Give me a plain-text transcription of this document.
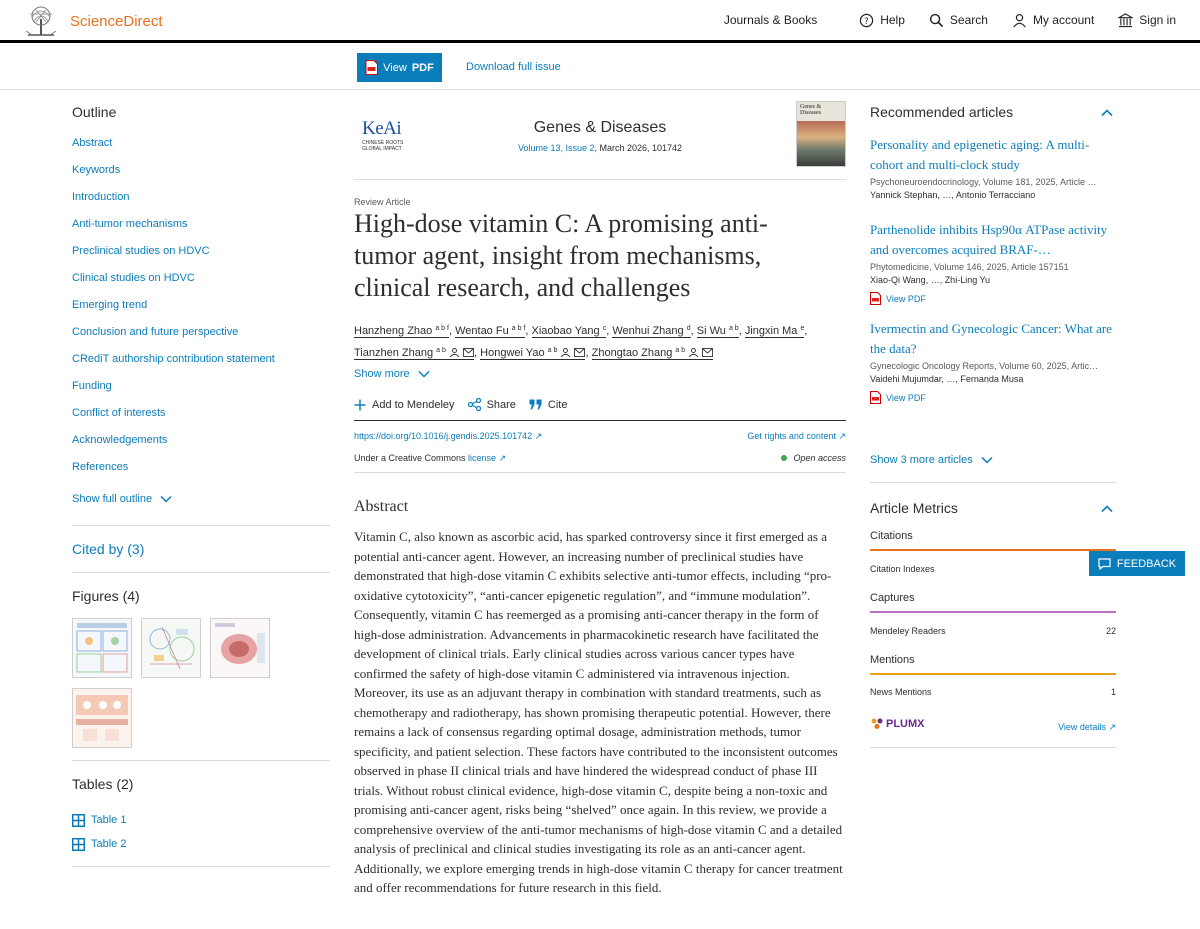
ScienceDirect	Journals & Books	? Help	Search	My account	Sign in
View PDF	Download full issue
Outline
Abstract
Keywords
Introduction
Anti-tumor mechanisms
Preclinical studies on HDVC
Clinical studies on HDVC
Emerging trend
Conclusion and future perspective
CRediT authorship contribution statement
Funding
Conflict of interests
Acknowledgements
References
Show full outline
Cited by (3)
Figures (4)
Tables (2)
Table 1
Table 2
KeAi
CHINESE ROOTS
GLOBAL IMPACT
Genes & Diseases
Volume 13, Issue 2, March 2026, 101742
Genes & Diseases
Review Article
High-dose vitamin C: A promising anti-tumor agent, insight from mechanisms, clinical research, and challenges
Hanzheng Zhao $^{a b f}$, Wentao Fu $^{a b f}$, Xiaobao Yang $^c$, Wenhui Zhang $^d$, Si Wu $^{a b}$, Jingxin Ma $^e$,
Tianzhen Zhang $^{a b}$	, Hongwei Yao $^{a b}$	, Zhongtao Zhang $^{a b}$
Show more
Add to Mendeley	Share	Cite
https://doi.org/10.1016/j.gendis.2025.101742 ↗	Get rights and content ↗
Under a Creative Commons license ↗	Open access
Abstract

Vitamin C, also known as ascorbic acid, has sparked controversy since it first emerged as a potential anti-cancer agent. However, an increasing number of preclinical studies have demonstrated that high-dose vitamin C exhibits selective anti-tumor effects, including “pro-oxidative cytotoxicity”, “anti-cancer epigenetic regulation”, and “immune modulation”. Consequently, vitamin C has reemerged as a promising anti-cancer therapy in the form of high-dose administration. Advancements in pharmacokinetic research have facilitated the development of clinical trials. Early clinical studies across various cancer types have confirmed the safety of high-dose vitamin C administered via intravenous injection. Moreover, its use as an adjuvant therapy in combination with standard treatments, such as chemotherapy and radiotherapy, has shown promising therapeutic potential. However, there remains a lack of consensus regarding optimal dosage, administration methods, tumor specificity, and patient selection. These factors have contributed to the inconsistent outcomes observed in phase II clinical trials and have hindered the widespread conduct of phase III trials. Without robust clinical evidence, high-dose vitamin C, despite being a non-toxic and promising anti-cancer agent, risks being “shelved” once again. In this review, we provide a comprehensive overview of the anti-tumor mechanisms of high-dose vitamin C and a detailed analysis of preclinical and clinical studies investigating its role as an anti-cancer agent. Additionally, we explore emerging trends in high-dose vitamin C therapy for cancer treatment and offer recommendations for future research in this field.

Recommended articles
Personality and epigenetic aging: A multi-cohort and multi-clock study
Psychoneuroendocrinology, Volume 181, 2025, Article …
Yannick Stephan, …, Antonio Terracciano
Parthenolide inhibits Hsp90α ATPase activity and overcomes acquired BRAF-…
Phytomedicine, Volume 146, 2025, Article 157151
Xiao-Qi Wang, …, Zhi-Ling Yu
View PDF
Ivermectin and Gynecologic Cancer: What are the data?
Gynecologic Oncology Reports, Volume 60, 2025, Artic…
Vaidehi Mujumdar, …, Fernanda Musa
View PDF
Show 3 more articles
Article Metrics
Citations
Citation Indexes
Captures
Mendeley Readers	22
Mentions
News Mentions	1
PLUMX	View details ↗
FEEDBACK
